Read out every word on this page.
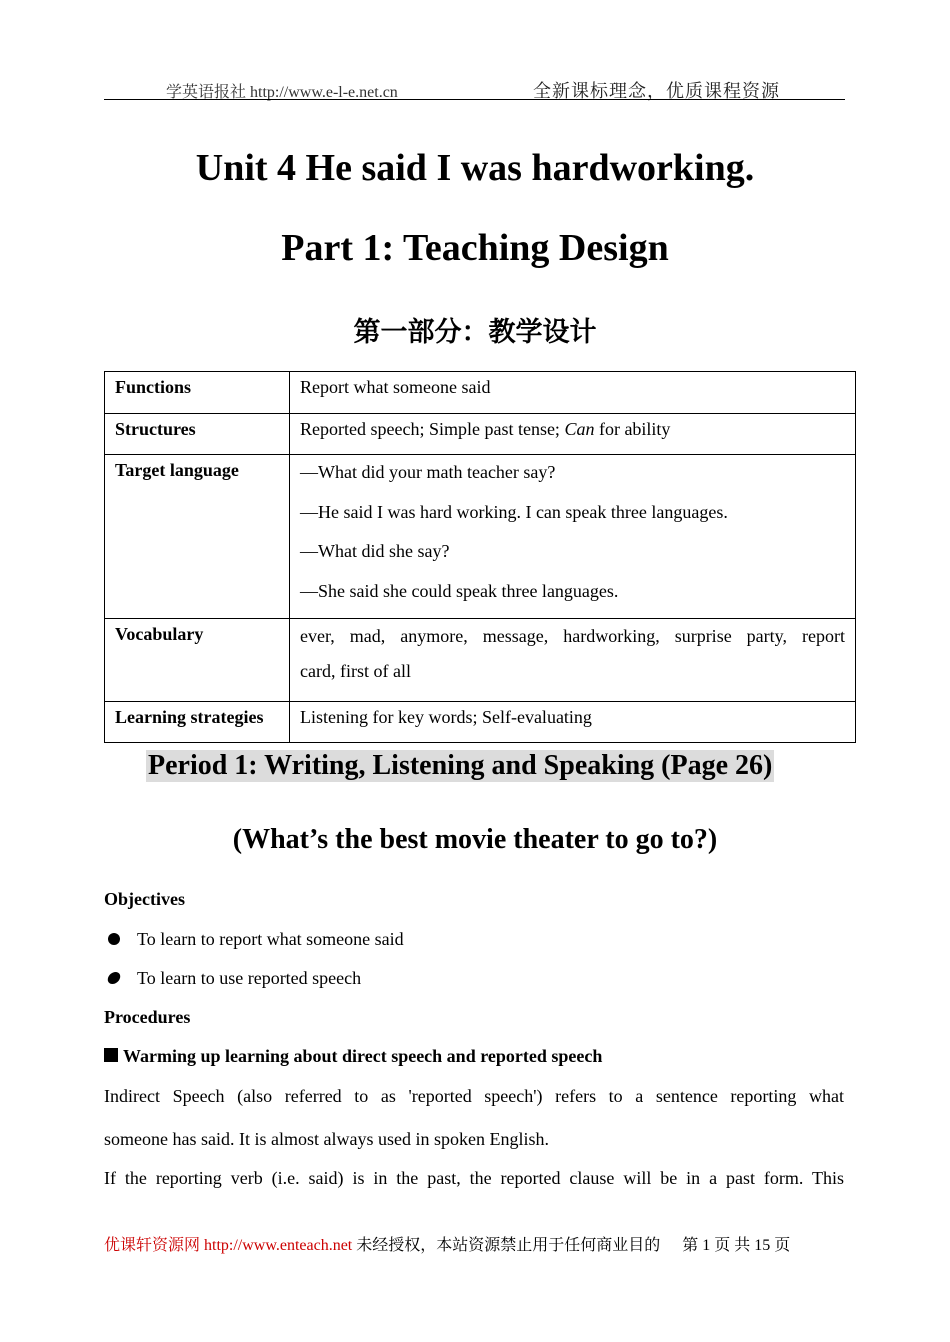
学英语报社 http://www.e-l-e.net.cn	全新课标理念，优质课程资源
Unit 4 He said I was hardworking.
Part 1: Teaching Design
第一部分：教学设计
Functions	Report what someone said
Structures	Reported speech; Simple past tense; Can for ability
Target language	—What did your math teacher say?
—He said I was hard working. I can speak three languages.
—What did she say?
—She said she could speak three languages.

Vocabulary	ever, mad, anymore, message, hardworking, surprise party, report
card, first of all

Learning strategies	Listening for key words; Self-evaluating
Period 1: Writing, Listening and Speaking (Page 26)
(What’s the best movie theater to go to?)
Objectives
To learn to report what someone said
To learn to use reported speech
Procedures
Warming up learning about direct speech and reported speech
Indirect Speech (also referred to as 'reported speech') refers to a sentence reporting what
someone has said. It is almost always used in spoken English.
If the reporting verb (i.e. said) is in the past, the reported clause will be in a past form. This
优课轩资源网 http://www.enteach.net 未经授权，本站资源禁止用于任何商业目的 第 1 页 共 15 页
